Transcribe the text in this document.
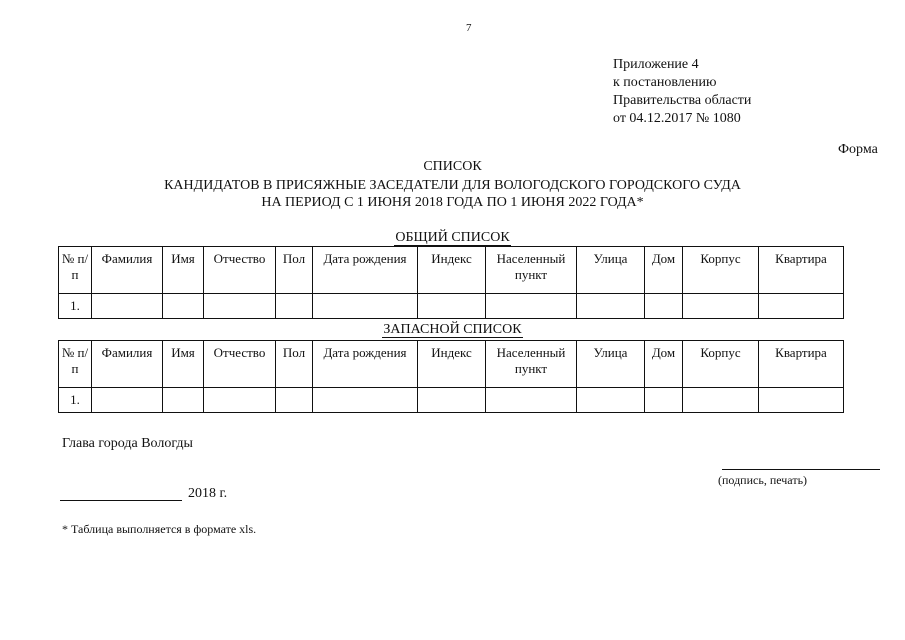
7
Приложение 4
к постановлению
Правительства области
от 04.12.2017 № 1080
Форма
СПИСОК
КАНДИДАТОВ В ПРИСЯЖНЫЕ ЗАСЕДАТЕЛИ ДЛЯ ВОЛОГОДСКОГО ГОРОДСКОГО СУДА
НА ПЕРИОД С 1 ИЮНЯ 2018 ГОДА ПО 1 ИЮНЯ 2022 ГОДА*
ОБЩИЙ СПИСОК
№ п/п	Фамилия	Имя	Отчество	Пол	Дата рождения	Индекс	Населенный пункт	Улица	Дом	Корпус	Квартира
1.											
ЗАПАСНОЙ СПИСОК
№ п/п	Фамилия	Имя	Отчество	Пол	Дата рождения	Индекс	Населенный пункт	Улица	Дом	Корпус	Квартира
1.											
Глава города Вологды
(подпись, печать)
2018 г.
* Таблица выполняется в формате xls.
